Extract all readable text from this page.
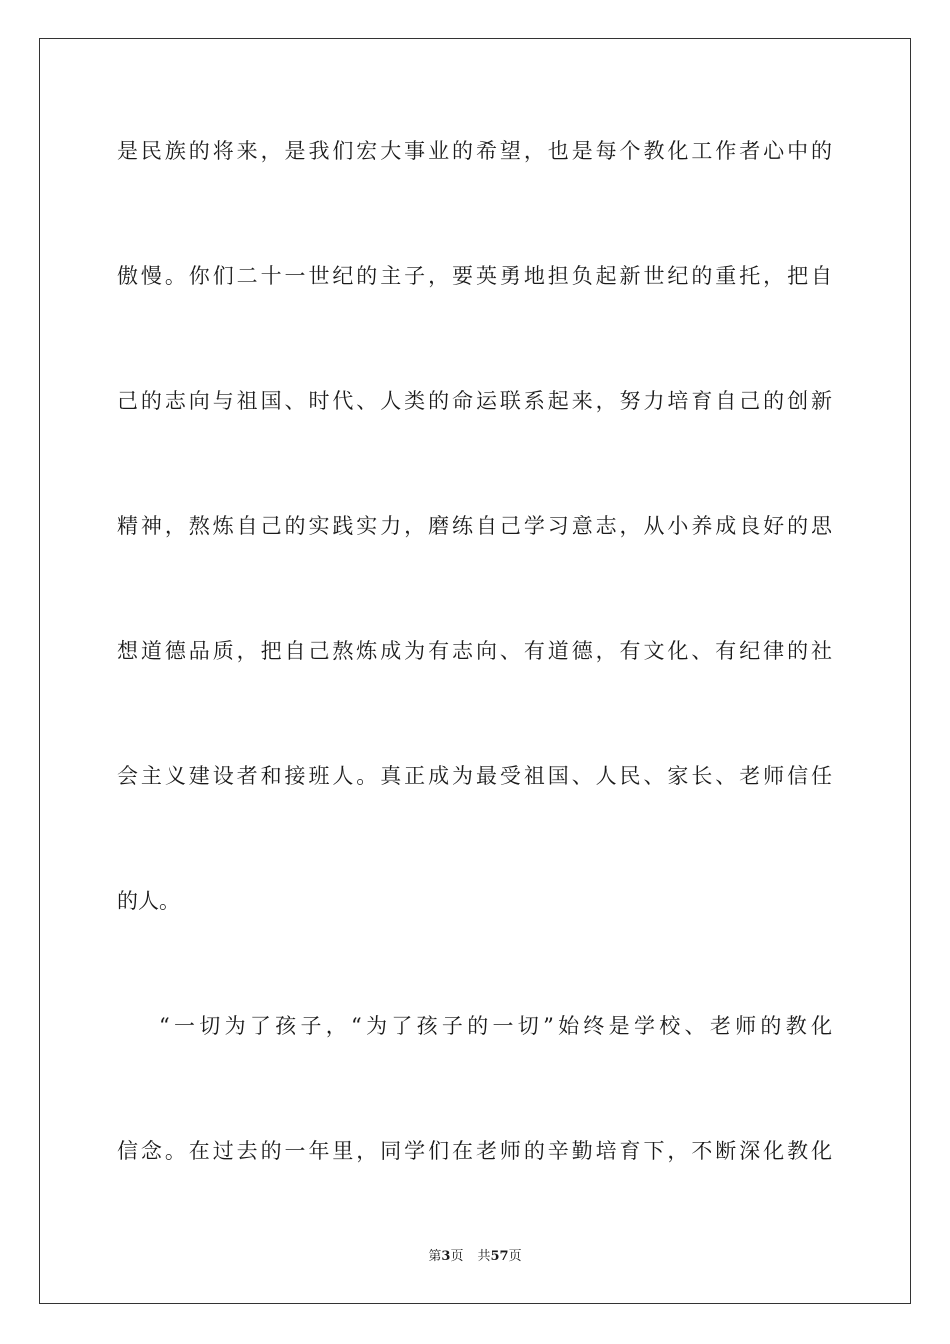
是民族的将来，是我们宏大事业的希望，也是每个教化工作者心中的
傲慢。你们二十一世纪的主子，要英勇地担负起新世纪的重托，把自
己的志向与祖国、时代、人类的命运联系起来，努力培育自己的创新
精神，熬炼自己的实践实力，磨练自己学习意志，从小养成良好的思
想道德品质，把自己熬炼成为有志向、有道德，有文化、有纪律的社
会主义建设者和接班人。真正成为最受祖国、人民、家长、老师信任
的人。
“一切为了孩子，“为了孩子的一切”始终是学校、老师的教化
信念。在过去的一年里，同学们在老师的辛勤培育下，不断深化教化
第3页 共57页
